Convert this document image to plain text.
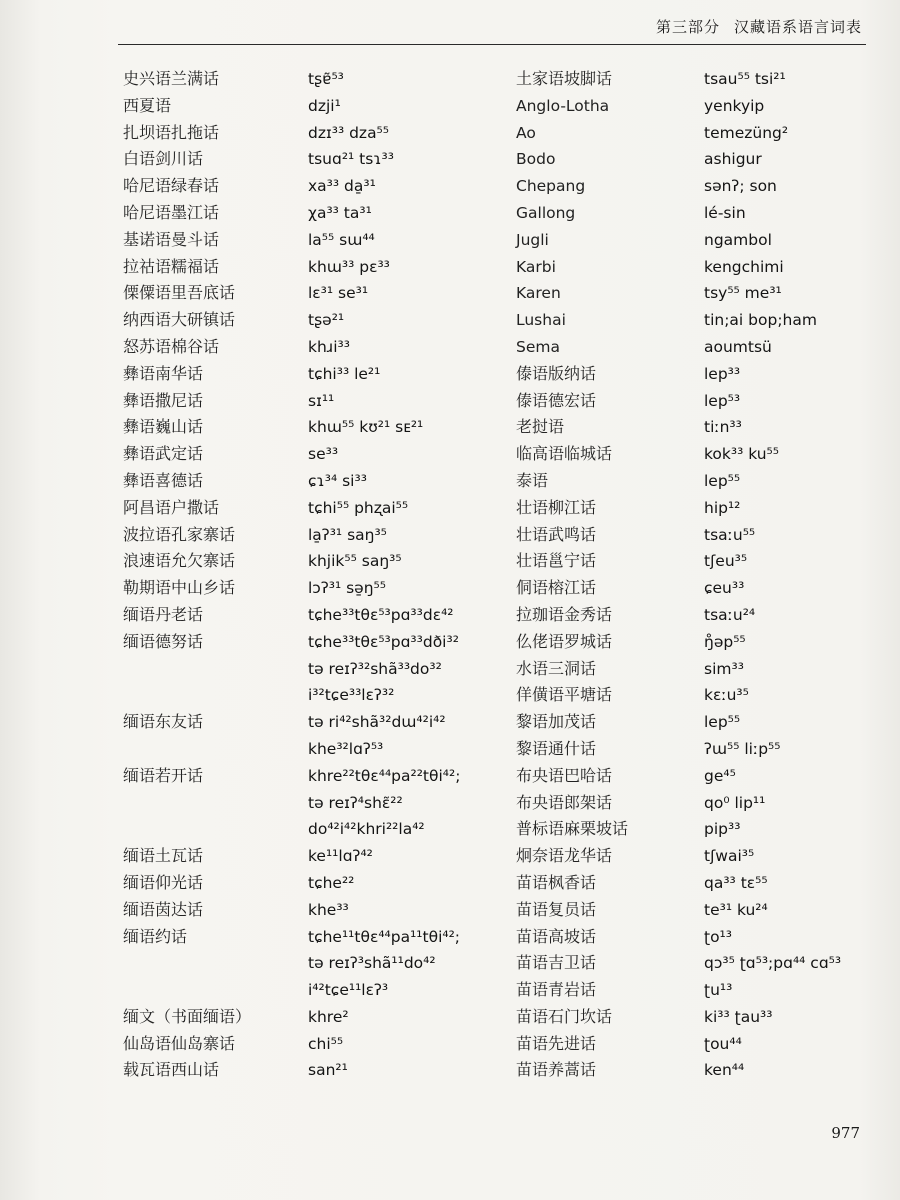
第三部分 汉藏语系语言词表
史兴语兰满话
西夏语
扎坝语扎拖话
白语剑川话
哈尼语绿春话
哈尼语墨江话
基诺语曼斗话
拉祜语糯福话
傈僳语里吾底话
纳西语大研镇话
怒苏语棉谷话
彝语南华话
彝语撒尼话
彝语巍山话
彝语武定话
彝语喜德话
阿昌语户撒话
波拉语孔家寨话
浪速语允欠寨话
勒期语中山乡话
缅语丹老话
缅语德努话
缅语东友话
缅语若开话
缅语土瓦话
缅语仰光话
缅语茵达话
缅语约话
缅文（书面缅语）
仙岛语仙岛寨话
载瓦语西山话
tʂɐ̃⁵³
dzji¹
dzɪ³³ dza⁵⁵
tsuɑ²¹ tsɿ³³
xa³³ da̱³¹
χa³³ ta³¹
la⁵⁵ sɯ⁴⁴
khɯ³³ pɛ³³
lɛ³¹ se³¹
tʂə²¹
khɹi³³
tɕhi³³ le²¹
sɪ¹¹
khɯ⁵⁵ kʊ²¹ sᴇ²¹
se³³
ɕɿ³⁴ si³³
tɕhi⁵⁵ phʐai⁵⁵
la̱ʔ³¹ saŋ³⁵
khjik⁵⁵ saŋ³⁵
lɔʔ³¹ sə̱ŋ⁵⁵
tɕhe³³tθɛ⁵³pɑ³³dɛ⁴²
tɕhe³³tθɛ⁵³pɑ³³dði³²
tə reɪʔ³²shã³³do³²
i³²tɕe³³lɛʔ³²
tə ri⁴²shã³²dɯ⁴²i⁴²
khe³²lɑʔ⁵³
khre²²tθɛ⁴⁴pa²²tθi⁴²;
tə reɪʔ⁴shɛ̃²²
do⁴²i⁴²khri²²la⁴²
ke¹¹lɑʔ⁴²
tɕhe²²
khe³³
tɕhe¹¹tθɛ⁴⁴pa¹¹tθi⁴²;
tə reɪʔ³shã¹¹do⁴²
i⁴²tɕe¹¹lɛʔ³
khre²
chi⁵⁵
san²¹
土家语坡脚话
Anglo-Lotha
Ao
Bodo
Chepang
Gallong
Jugli
Karbi
Karen
Lushai
Sema
傣语版纳话
傣语德宏话
老挝语
临高语临城话
泰语
壮语柳江话
壮语武鸣话
壮语邕宁话
侗语榕江话
拉珈语金秀话
仫佬语罗城话
水语三洞话
佯僙语平塘话
黎语加茂话
黎语通什话
布央语巴哈话
布央语郎架话
普标语麻栗坡话
炯奈语龙华话
苗语枫香话
苗语复员话
苗语高坡话
苗语吉卫话
苗语青岩话
苗语石门坎话
苗语先进话
苗语养蒿话
tsau⁵⁵ tsi²¹
yenkyip
temezüng²
ashigur
sənʔ; son
lé-sin
ngambol
kengchimi
tsy⁵⁵ me³¹
tin;ai bop;ham
aoumtsü
lep³³
lep⁵³
tiːn³³
kok³³ ku⁵⁵
lep⁵⁵
hip¹²
tsaːu⁵⁵
tʃeu³⁵
ɕeu³³
tsaːu²⁴
ŋ̊əp⁵⁵
sim³³
kɛːu³⁵
lep⁵⁵
ʔɯ⁵⁵ liːp⁵⁵
ge⁴⁵
qo⁰ lip¹¹
pip³³
tʃwai³⁵
qa³³ tɛ⁵⁵
te³¹ ku²⁴
ʈo¹³
qɔ³⁵ ʈɑ⁵³;pɑ⁴⁴ cɑ⁵³
ʈu¹³
ki³³ ʈau³³
ʈou⁴⁴
ken⁴⁴
977
